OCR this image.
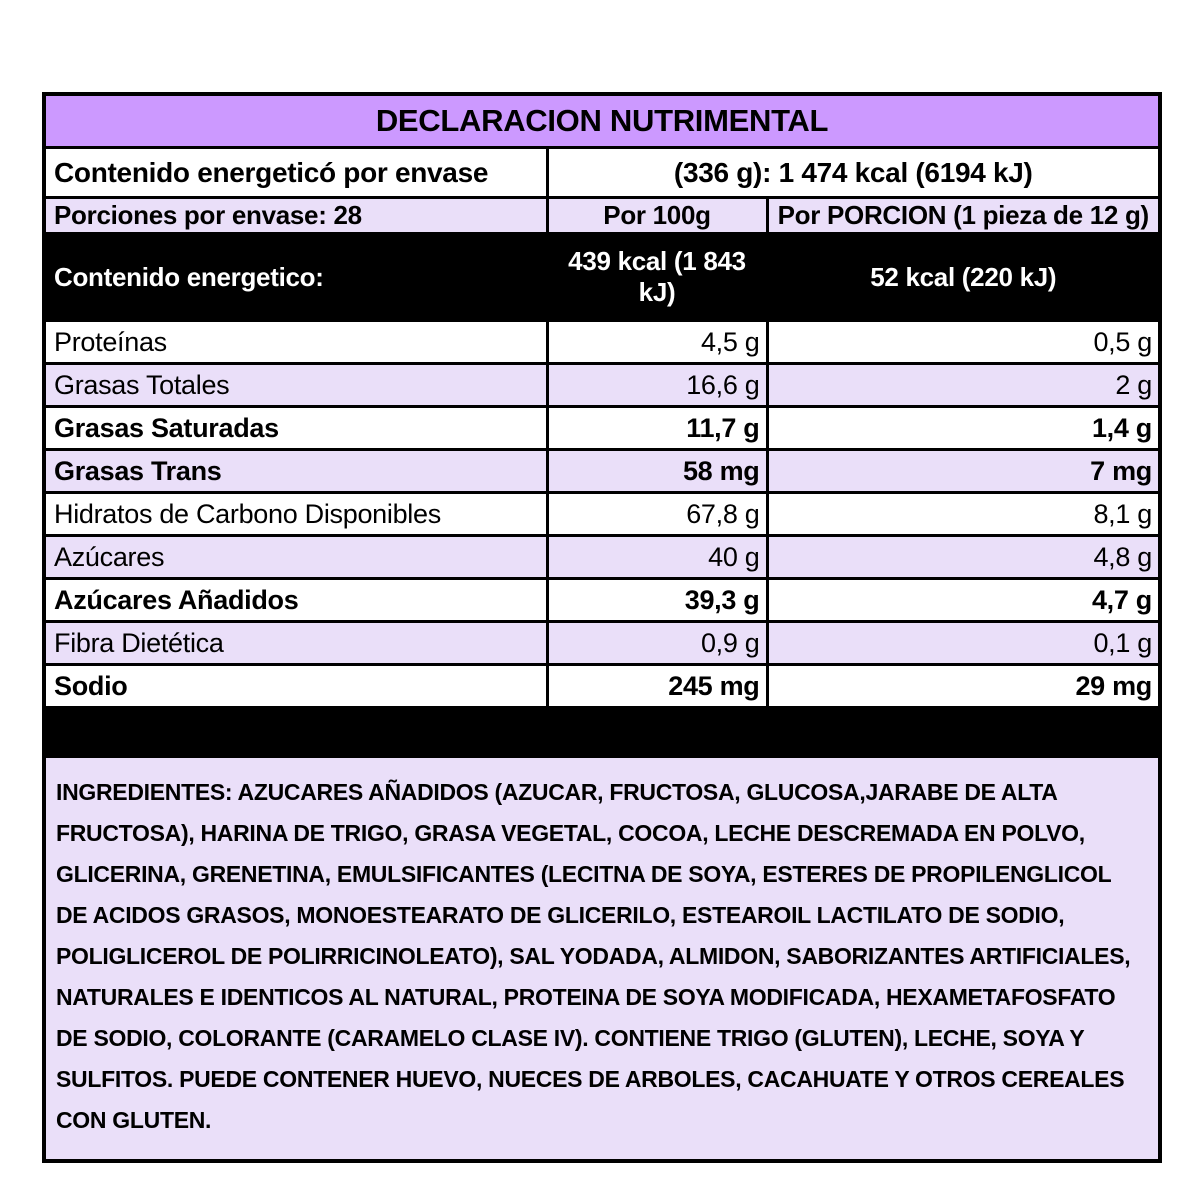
DECLARACION NUTRIMENTAL		
Contenido energeticó por envase	(336 g): 1 474 kcal (6194 kJ)	
Porciones por envase: 28	Por 100g	Por PORCION (1 pieza de 12 g)
Contenido energetico:	439 kcal (1 843 kJ)	52 kcal (220 kJ)
Proteínas	4,5 g	0,5 g
Grasas Totales	16,6 g	2 g
Grasas Saturadas	11,7 g	1,4 g
Grasas Trans	58 mg	7 mg
Hidratos de Carbono Disponibles	67,8 g	8,1 g
Azúcares	40 g	4,8 g
Azúcares Añadidos	39,3 g	4,7 g
Fibra Dietética	0,9 g	0,1 g
Sodio	245 mg	29 mg

INGREDIENTES: AZUCARES AÑADIDOS (AZUCAR, FRUCTOSA, GLUCOSA,JARABE DE ALTA FRUCTOSA), HARINA DE TRIGO, GRASA VEGETAL, COCOA, LECHE DESCREMADA EN POLVO, GLICERINA, GRENETINA, EMULSIFICANTES (LECITNA DE SOYA, ESTERES DE PROPILENGLICOL DE ACIDOS GRASOS, MONOESTEARATO DE GLICERILO, ESTEAROIL LACTILATO DE SODIO, POLIGLICEROL DE POLIRRICINOLEATO), SAL YODADA, ALMIDON, SABORIZANTES ARTIFICIALES, NATURALES E IDENTICOS AL NATURAL, PROTEINA DE SOYA MODIFICADA, HEXAMETAFOSFATO DE SODIO, COLORANTE (CARAMELO CLASE IV). CONTIENE TRIGO (GLUTEN), LECHE, SOYA Y SULFITOS. PUEDE CONTENER HUEVO, NUECES DE ARBOLES, CACAHUATE Y OTROS CEREALES CON GLUTEN.		
